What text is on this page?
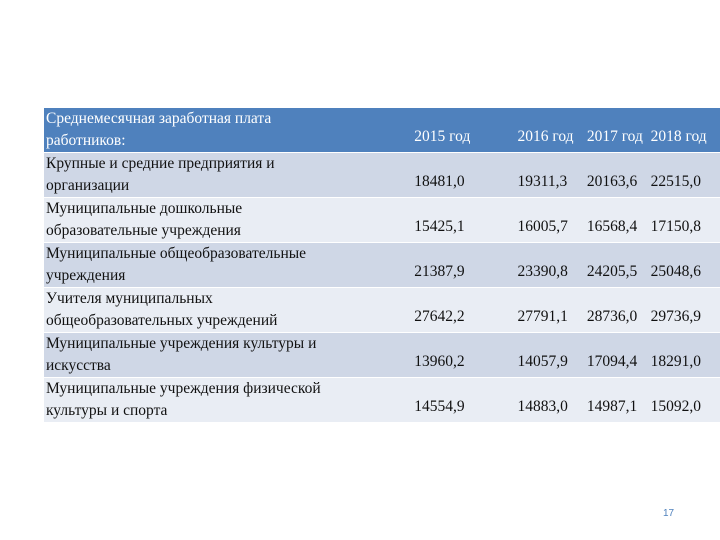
Среднемесячная заработная плата
работников:		2015 год	2016 год	2017 год	2018 год

Крупные и средние предприятия и
организации		18481,0	19311,3	20163,6	22515,0

Муниципальные дошкольные
образовательные учреждения		15425,1	16005,7	16568,4	17150,8

Муниципальные общеобразовательные
учреждения		21387,9	23390,8	24205,5	25048,6

Учителя муниципальных
общеобразовательных учреждений		27642,2	27791,1	28736,0	29736,9

Муниципальные учреждения культуры и
искусства		13960,2	14057,9	17094,4	18291,0

Муниципальные учреждения физической
культуры и спорта		14554,9	14883,0	14987,1	15092,0
17
